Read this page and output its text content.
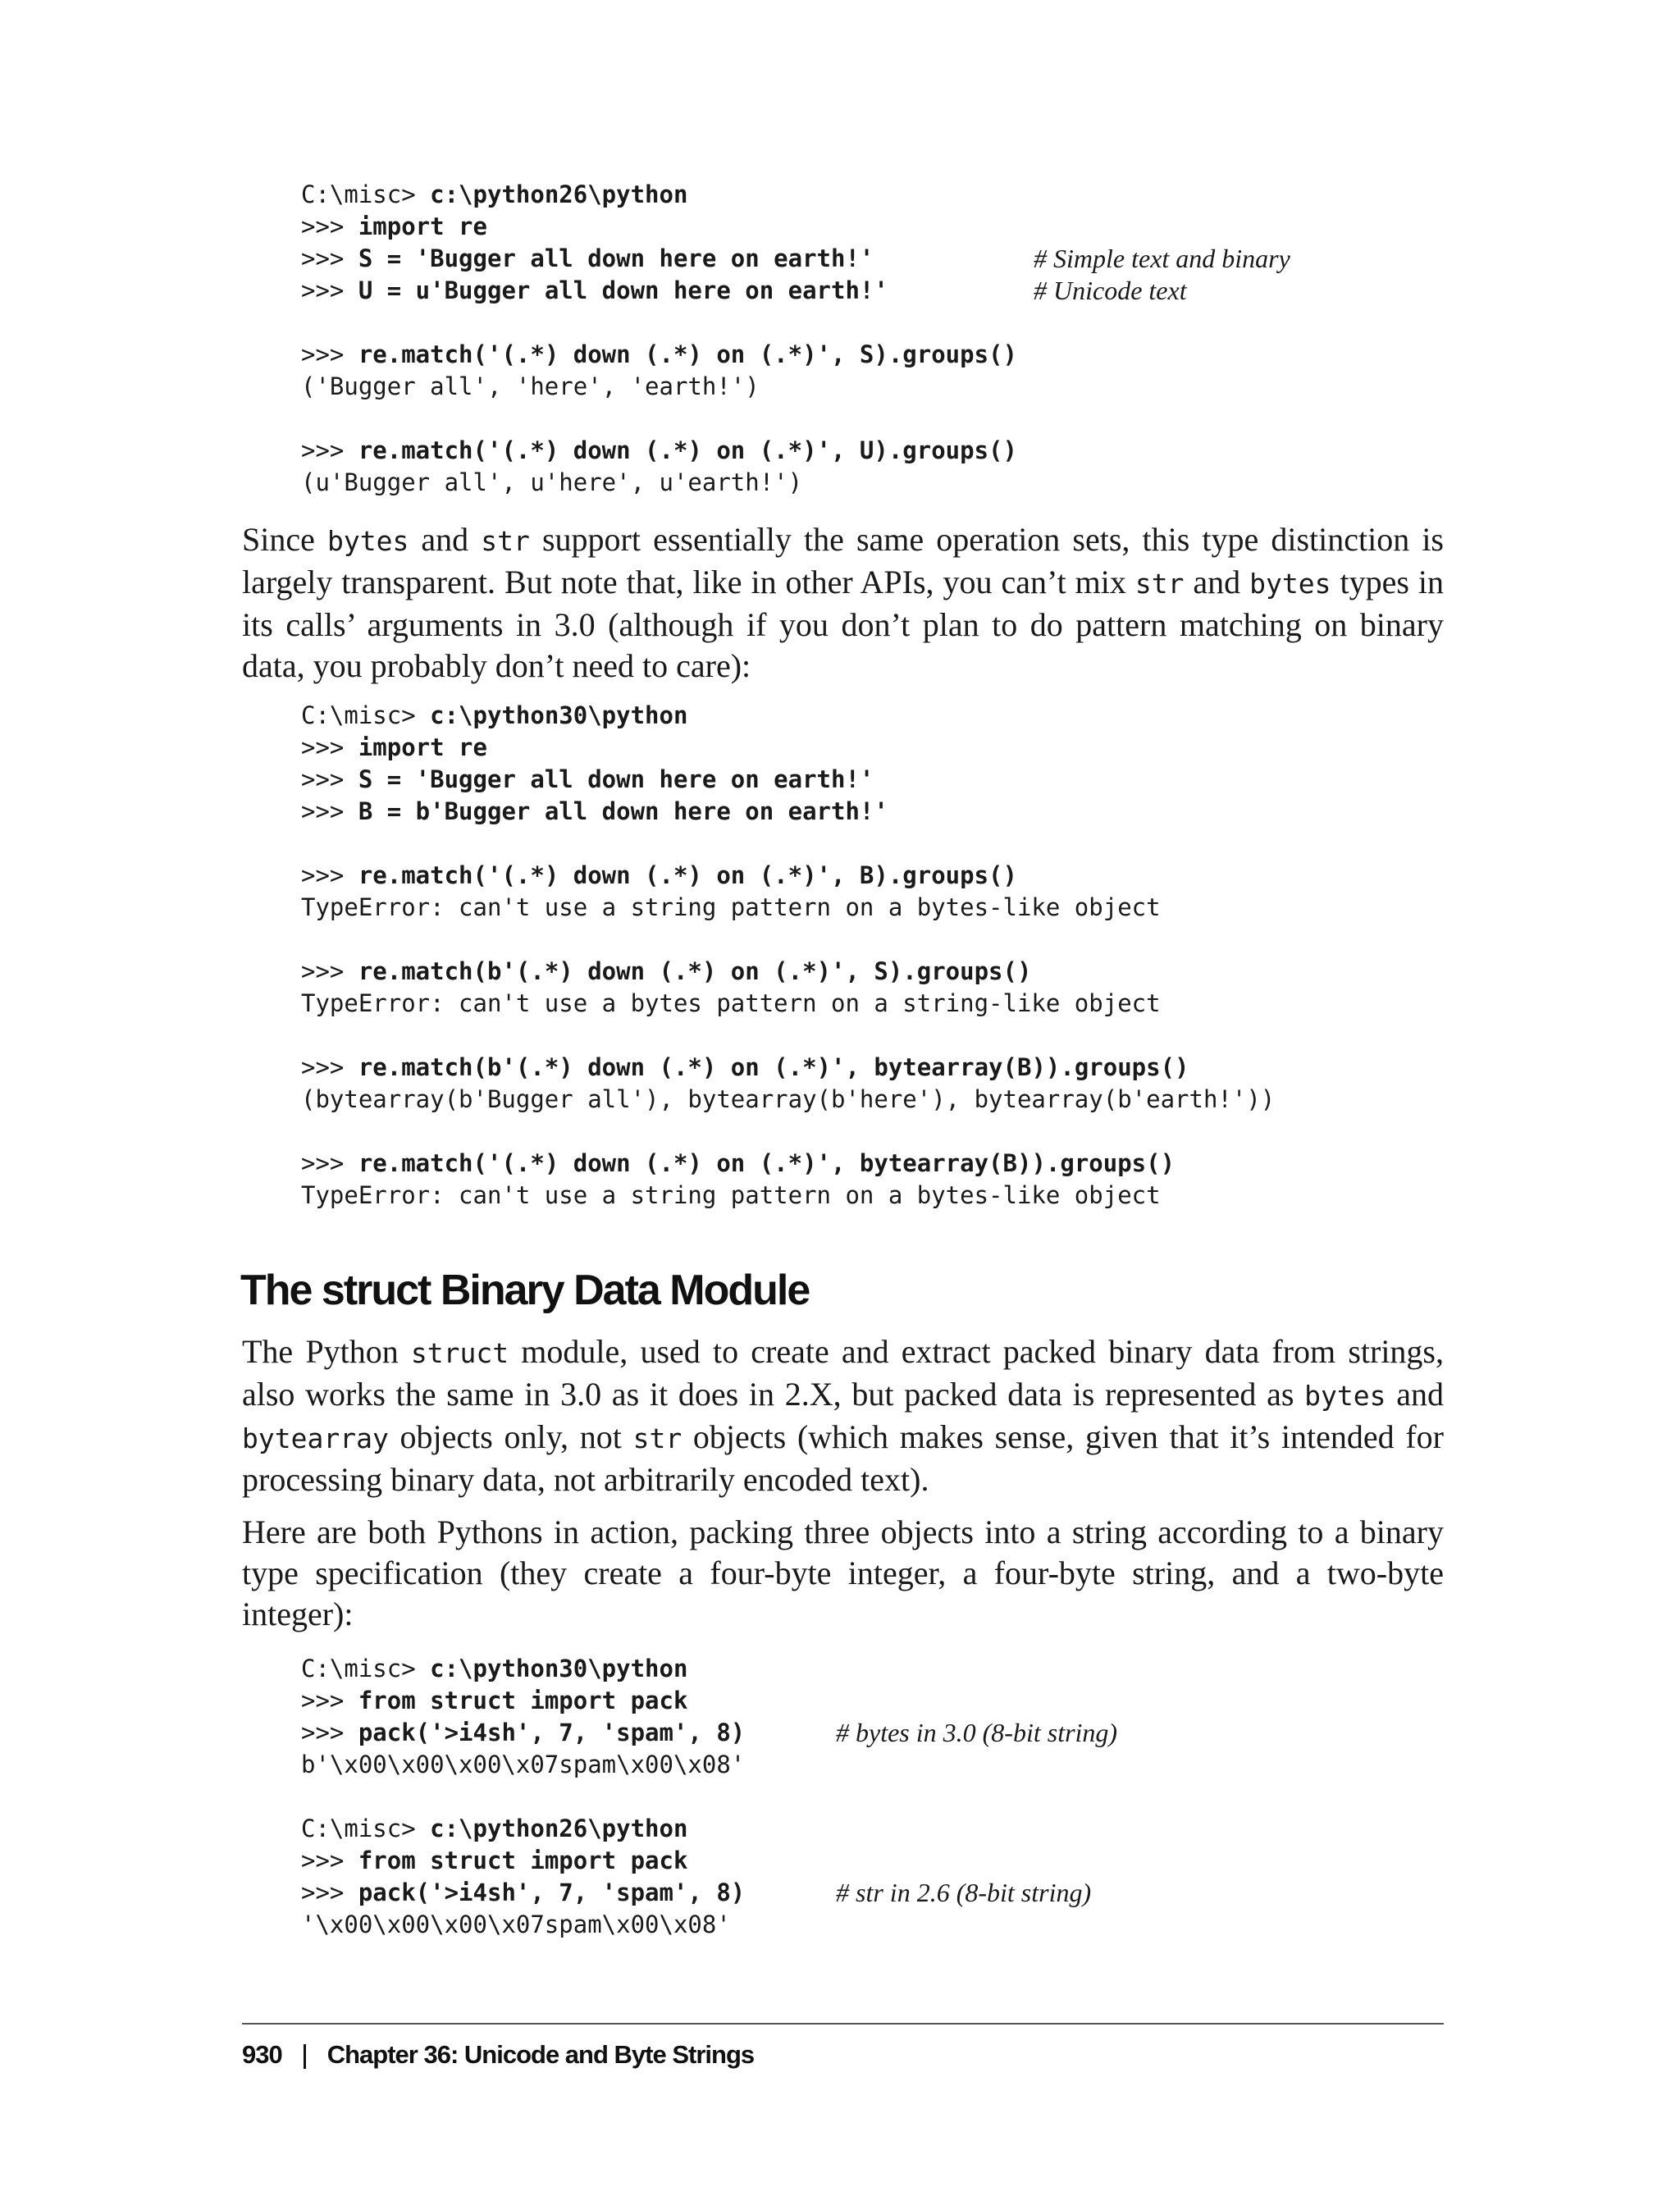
C:\misc> c:\python26\python
>>> import re
>>> S = 'Bugger all down here on earth!'
>>> U = u'Bugger all down here on earth!'
>>> re.match('(.*) down (.*) on (.*)', S).groups()
('Bugger all', 'here', 'earth!')
>>> re.match('(.*) down (.*) on (.*)', U).groups()
(u'Bugger all', u'here', u'earth!')
# Simple text and binary
# Unicode text

Since bytes and str support essentially the same operation sets, this type distinction is largely transparent. But note that, like in other APIs, you can’t mix str and bytes types in its calls’ arguments in 3.0 (although if you don’t plan to do pattern matching on binary data, you probably don’t need to care):

C:\misc> c:\python30\python
>>> import re
>>> S = 'Bugger all down here on earth!'
>>> B = b'Bugger all down here on earth!'
>>> re.match('(.*) down (.*) on (.*)', B).groups()
TypeError: can't use a string pattern on a bytes-like object
>>> re.match(b'(.*) down (.*) on (.*)', S).groups()
TypeError: can't use a bytes pattern on a string-like object
>>> re.match(b'(.*) down (.*) on (.*)', bytearray(B)).groups()
(bytearray(b'Bugger all'), bytearray(b'here'), bytearray(b'earth!'))
>>> re.match('(.*) down (.*) on (.*)', bytearray(B)).groups()
TypeError: can't use a string pattern on a bytes-like object
The struct Binary Data Module

The Python struct module, used to create and extract packed binary data from strings, also works the same in 3.0 as it does in 2.X, but packed data is represented as bytes and bytearray objects only, not str objects (which makes sense, given that it’s intended for processing binary data, not arbitrarily encoded text).

Here are both Pythons in action, packing three objects into a string according to a binary type specification (they create a four-byte integer, a four-byte string, and a two-byte integer):

C:\misc> c:\python30\python
>>> from struct import pack
>>> pack('>i4sh', 7, 'spam', 8)
b'\x00\x00\x00\x07spam\x00\x08'
C:\misc> c:\python26\python
>>> from struct import pack
>>> pack('>i4sh', 7, 'spam', 8)
'\x00\x00\x00\x07spam\x00\x08'
# bytes in 3.0 (8-bit string)
# str in 2.6 (8-bit string)
930 Chapter 36: Unicode and Byte Strings
